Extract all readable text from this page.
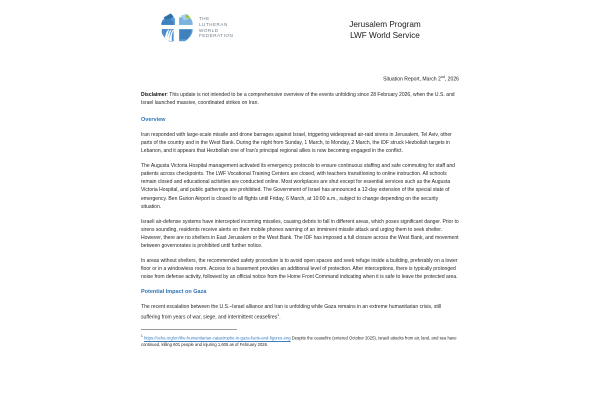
THE
LUTHERAN
WORLD
FEDERATION
Jerusalem Program
LWF World Service
Situation Report, March 2nd, 2026

Disclaimer: This update is not intended to be a comprehensive overview of the events unfolding since 28 February 2026, when the U.S. and Israel launched massive, coordinated strikes on Iran.

Overview

Iran responded with large-scale missile and drone barrages against Israel, triggering widespread air-raid sirens in Jerusalem, Tel Aviv, other parts of the country and in the West Bank. During the night from Sunday, 1 March, to Monday, 2 March, the IDF struck Hezbollah targets in Lebanon, and it appears that Hezbollah one of Iran's principal regional allies is now becoming engaged in the conflict.

The Augusta Victoria Hospital management activated its emergency protocols to ensure continuous staffing and safe commuting for staff and patients across checkpoints. The LWF Vocational Training Centers are closed, with teachers transitioning to online instruction. All schools remain closed and educational activities are conducted online. Most workplaces are shut except for essential services such as the Augusta Victoria Hospital, and public gatherings are prohibited. The Government of Israel has announced a 12-day extension of the special state of emergency. Ben Gurion Airport is closed to all flights until Friday, 6 March, at 10:00 a.m., subject to change depending on the security situation.

Israeli air-defense systems have intercepted incoming missiles, causing debris to fall in different areas, which poses significant danger. Prior to sirens sounding, residents receive alerts on their mobile phones warning of an imminent missile attack and urging them to seek shelter. However, there are no shelters in East Jerusalem or the West Bank. The IDF has imposed a full closure across the West Bank, and movement between governorates is prohibited until further notice.

In areas without shelters, the recommended safety procedure is to avoid open spaces and seek refuge inside a building, preferably on a lower floor or in a windowless room. Access to a basement provides an additional level of protection. After interceptions, there is typically prolonged noise from defense activity, followed by an official notice from the Home Front Command indicating when it is safe to leave the protected area.

Potential Impact on Gaza

The recent escalation between the U.S.–Israel alliance and Iran is unfolding while Gaza remains in an extreme humanitarian crisis, still suffering from years of war, siege, and intermittent ceasefires$^1$.

$^1$ https://ocha.org/en/the-humanitarian-catastrophe-in-gaza-facts-and-figures-eng Despite the ceasefire (entered October 2025), Israeli attacks from air, land, and sea have continued, killing 601 people and injuring 1,605 as of February 2026.
